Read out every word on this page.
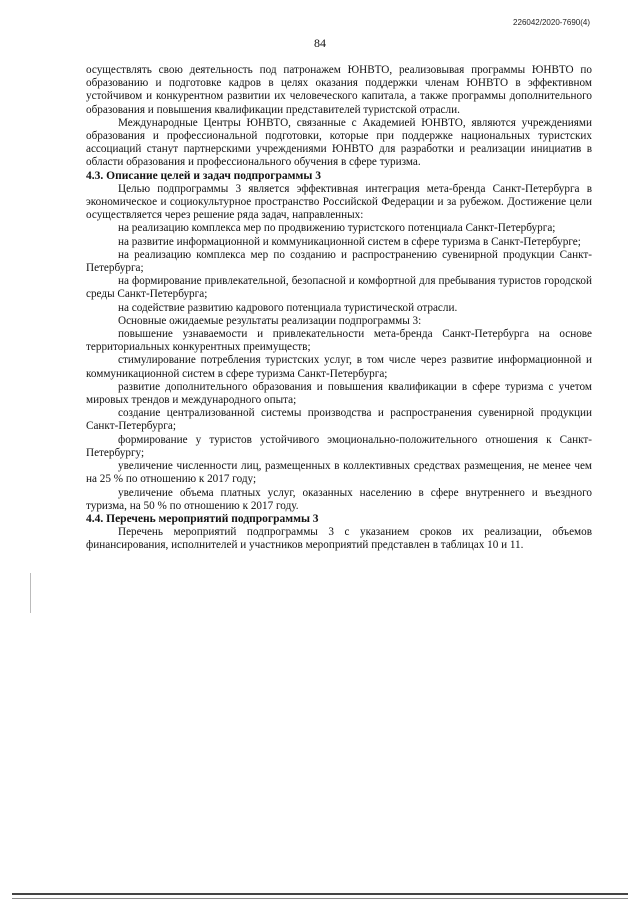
226042/2020-7690(4)
84

осуществлять свою деятельность под патронажем ЮНВТО, реализовывая программы ЮНВТО по образованию и подготовке кадров в целях оказания поддержки членам ЮНВТО в эффективном устойчивом и конкурентном развитии их человеческого капитала, а также программы дополнительного образования и повышения квалификации представителей туристской отрасли.

Международные Центры ЮНВТО, связанные с Академией ЮНВТО, являются учреждениями образования и профессиональной подготовки, которые при поддержке национальных туристских ассоциаций станут партнерскими учреждениями ЮНВТО для разработки и реализации инициатив в области образования и профессионального обучения в сфере туризма.

4.3. Описание целей и задач подпрограммы 3

Целью подпрограммы 3 является эффективная интеграция мета-бренда Санкт-Петербурга в экономическое и социокультурное пространство Российской Федерации и за рубежом. Достижение цели осуществляется через решение ряда задач, направленных:

на реализацию комплекса мер по продвижению туристского потенциала Санкт-Петербурга;

на развитие информационной и коммуникационной систем в сфере туризма в Санкт-Петербурге;

на реализацию комплекса мер по созданию и распространению сувенирной продукции Санкт-Петербурга;

на формирование привлекательной, безопасной и комфортной для пребывания туристов городской среды Санкт-Петербурга;

на содействие развитию кадрового потенциала туристической отрасли.

Основные ожидаемые результаты реализации подпрограммы 3:

повышение узнаваемости и привлекательности мета-бренда Санкт-Петербурга на основе территориальных конкурентных преимуществ;

стимулирование потребления туристских услуг, в том числе через развитие информационной и коммуникационной систем в сфере туризма Санкт-Петербурга;

развитие дополнительного образования и повышения квалификации в сфере туризма с учетом мировых трендов и международного опыта;

создание централизованной системы производства и распространения сувенирной продукции Санкт-Петербурга;

формирование у туристов устойчивого эмоционально-положительного отношения к Санкт-Петербургу;

увеличение численности лиц, размещенных в коллективных средствах размещения, не менее чем на 25 % по отношению к 2017 году;

увеличение объема платных услуг, оказанных населению в сфере внутреннего и въездного туризма, на 50 % по отношению к 2017 году.

4.4. Перечень мероприятий подпрограммы 3

Перечень мероприятий подпрограммы 3 с указанием сроков их реализации, объемов финансирования, исполнителей и участников мероприятий представлен в таблицах 10 и 11.
